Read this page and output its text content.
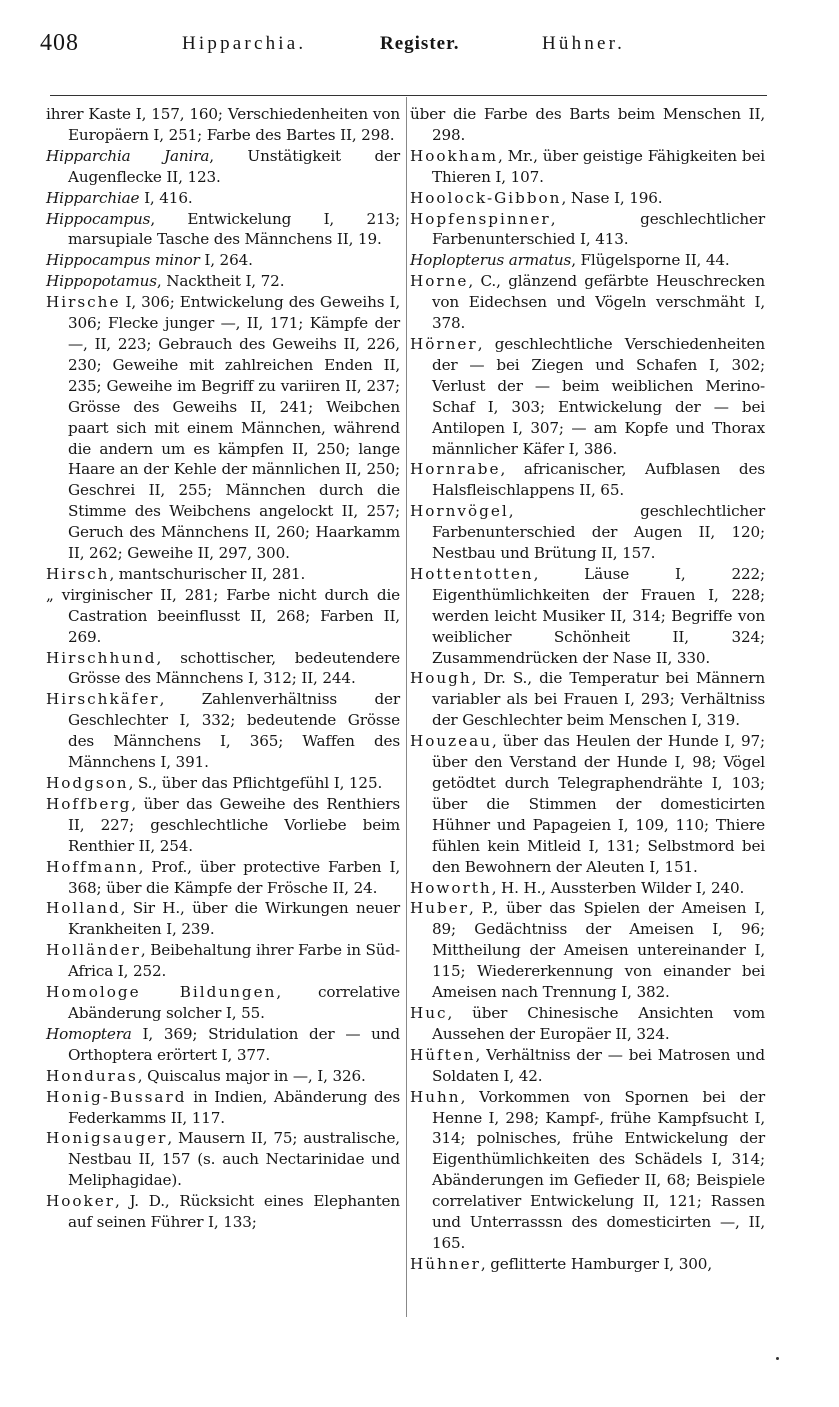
408	Hipparchia.	Register.	Hühner.

ihrer Kaste I, 157, 160; Verschiedenheiten von Europäern I, 251; Farbe des Bartes II, 298.

Hipparchia Janira, Unstätigkeit der Augenflecke II, 123.

Hipparchiae I, 416.

Hippocampus, Entwickelung I, 213; marsupiale Tasche des Männchens II, 19.

Hippocampus minor I, 264.

Hippopotamus, Nacktheit I, 72.

Hirsche I, 306; Entwickelung des Geweihs I, 306; Flecke junger —, II, 171; Kämpfe der —, II, 223; Gebrauch des Geweihs II, 226, 230; Geweihe mit zahlreichen Enden II, 235; Geweihe im Begriff zu variiren II, 237; Grösse des Geweihs II, 241; Weibchen paart sich mit einem Männchen, während die andern um es kämpfen II, 250; lange Haare an der Kehle der männlichen II, 250; Geschrei II, 255; Männchen durch die Stimme des Weibchens angelockt II, 257; Geruch des Männchens II, 260; Haarkamm II, 262; Geweihe II, 297, 300.

Hirsch, mantschurischer II, 281.

„ virginischer II, 281; Farbe nicht durch die Castration beeinflusst II, 268; Farben II, 269.

Hirschhund, schottischer, bedeutendere Grösse des Männchens I, 312; II, 244.

Hirschkäfer, Zahlenverhältniss der Geschlechter I, 332; bedeutende Grösse des Männchens I, 365; Waffen des Männchens I, 391.

Hodgson, S., über das Pflichtgefühl I, 125.

Hoffberg, über das Geweihe des Renthiers II, 227; geschlechtliche Vorliebe beim Renthier II, 254.

Hoffmann, Prof., über protective Farben I, 368; über die Kämpfe der Frösche II, 24.

Holland, Sir H., über die Wirkungen neuer Krankheiten I, 239.

Holländer, Beibehaltung ihrer Farbe in Süd-Africa I, 252.

Homologe Bildungen, correlative Abänderung solcher I, 55.

Homoptera I, 369; Stridulation der — und Orthoptera erörtert I, 377.

Honduras, Quiscalus major in —, I, 326.

Honig-Bussard in Indien, Abänderung des Federkamms II, 117.

Honigsauger, Mausern II, 75; australische, Nestbau II, 157 (s. auch Nectarinidae und Meliphagidae).

Hooker, J. D., Rücksicht eines Elephanten auf seinen Führer I, 133;

über die Farbe des Barts beim Menschen II, 298.

Hookham, Mr., über geistige Fähigkeiten bei Thieren I, 107.

Hoolock-Gibbon, Nase I, 196.

Hopfenspinner, geschlechtlicher Farbenunterschied I, 413.

Hoplopterus armatus, Flügelsporne II, 44.

Horne, C., glänzend gefärbte Heuschrecken von Eidechsen und Vögeln verschmäht I, 378.

Hörner, geschlechtliche Verschiedenheiten der — bei Ziegen und Schafen I, 302; Verlust der — beim weiblichen Merino-Schaf I, 303; Entwickelung der — bei Antilopen I, 307; — am Kopfe und Thorax männlicher Käfer I, 386.

Hornrabe, africanischer, Aufblasen des Halsfleischlappens II, 65.

Hornvögel, geschlechtlicher Farbenunterschied der Augen II, 120; Nestbau und Brütung II, 157.

Hottentotten, Läuse I, 222; Eigenthümlichkeiten der Frauen I, 228; werden leicht Musiker II, 314; Begriffe von weiblicher Schönheit II, 324; Zusammendrücken der Nase II, 330.

Hough, Dr. S., die Temperatur bei Männern variabler als bei Frauen I, 293; Verhältniss der Geschlechter beim Menschen I, 319.

Houzeau, über das Heulen der Hunde I, 97; über den Verstand der Hunde I, 98; Vögel getödtet durch Telegraphendrähte I, 103; über die Stimmen der domesticirten Hühner und Papageien I, 109, 110; Thiere fühlen kein Mitleid I, 131; Selbstmord bei den Bewohnern der Aleuten I, 151.

Howorth, H. H., Aussterben Wilder I, 240.

Huber, P., über das Spielen der Ameisen I, 89; Gedächtniss der Ameisen I, 96; Mittheilung der Ameisen untereinander I, 115; Wiedererkennung von einander bei Ameisen nach Trennung I, 382.

Huc, über Chinesische Ansichten vom Aussehen der Europäer II, 324.

Hüften, Verhältniss der — bei Matrosen und Soldaten I, 42.

Huhn, Vorkommen von Spornen bei der Henne I, 298; Kampf-, frühe Kampfsucht I, 314; polnisches, frühe Entwickelung der Eigenthümlichkeiten des Schädels I, 314; Abänderungen im Gefieder II, 68; Beispiele correlativer Entwickelung II, 121; Rassen und Unterrasssn des domesticirten —, II, 165.

Hühner, geflitterte Hamburger I, 300,
